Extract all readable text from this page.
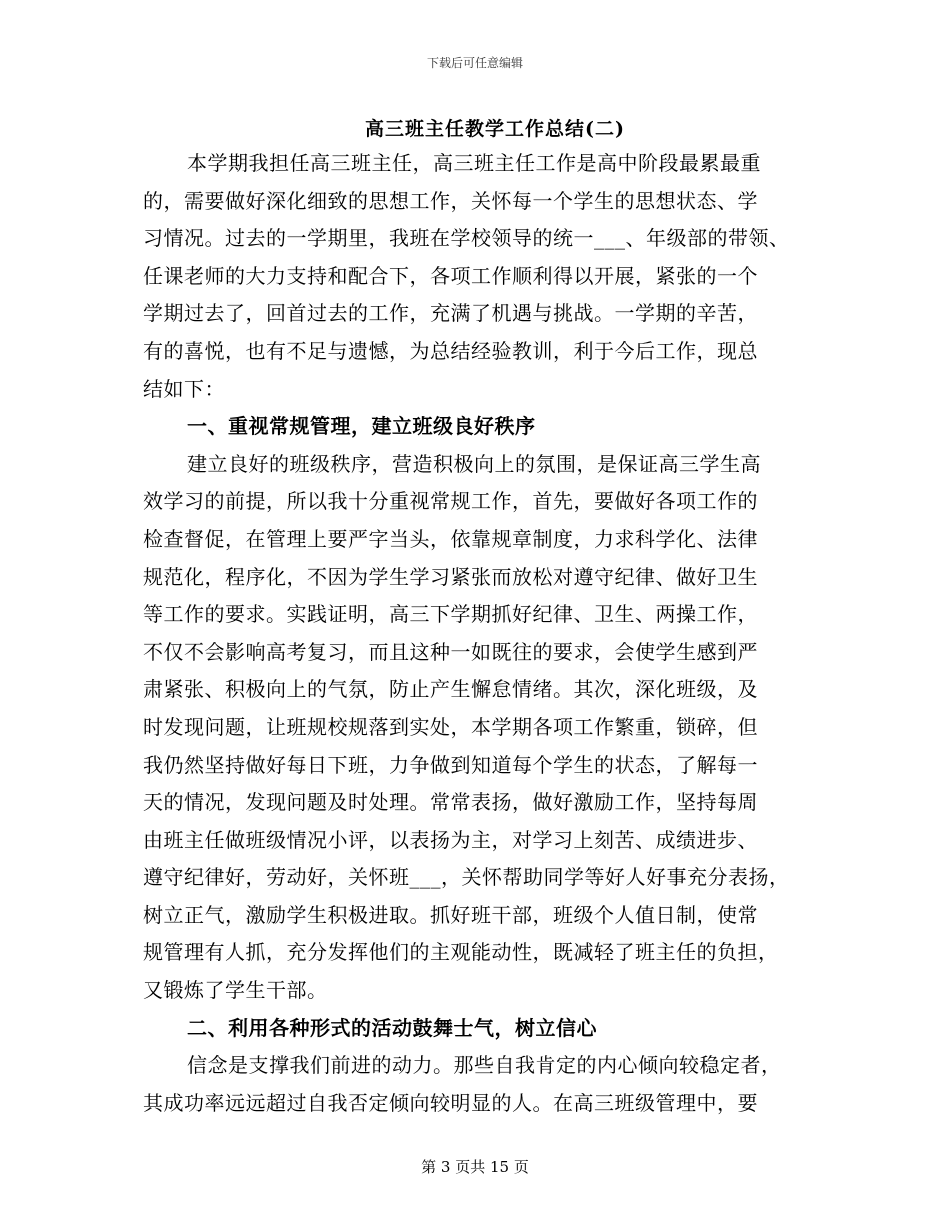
下载后可任意编辑
高三班主任教学工作总结(二)
本学期我担任高三班主任，高三班主任工作是高中阶段最累最重
的，需要做好深化细致的思想工作，关怀每一个学生的思想状态、学
习情况。过去的一学期里，我班在学校领导的统一___、年级部的带领、
任课老师的大力支持和配合下，各项工作顺利得以开展，紧张的一个
学期过去了，回首过去的工作，充满了机遇与挑战。一学期的辛苦，
有的喜悦，也有不足与遗憾，为总结经验教训，利于今后工作，现总
结如下：
一、重视常规管理，建立班级良好秩序
建立良好的班级秩序，营造积极向上的氛围，是保证高三学生高
效学习的前提，所以我十分重视常规工作，首先，要做好各项工作的
检查督促，在管理上要严字当头，依靠规章制度，力求科学化、法律
规范化，程序化，不因为学生学习紧张而放松对遵守纪律、做好卫生
等工作的要求。实践证明，高三下学期抓好纪律、卫生、两操工作，
不仅不会影响高考复习，而且这种一如既往的要求，会使学生感到严
肃紧张、积极向上的气氛，防止产生懈怠情绪。其次，深化班级，及
时发现问题，让班规校规落到实处，本学期各项工作繁重，锁碎，但
我仍然坚持做好每日下班，力争做到知道每个学生的状态，了解每一
天的情况，发现问题及时处理。常常表扬，做好激励工作，坚持每周
由班主任做班级情况小评，以表扬为主，对学习上刻苦、成绩进步、
遵守纪律好，劳动好，关怀班___，关怀帮助同学等好人好事充分表扬，
树立正气，激励学生积极进取。抓好班干部，班级个人值日制，使常
规管理有人抓，充分发挥他们的主观能动性，既减轻了班主任的负担，
又锻炼了学生干部。
二、利用各种形式的活动鼓舞士气，树立信心
信念是支撑我们前进的动力。那些自我肯定的内心倾向较稳定者，
其成功率远远超过自我否定倾向较明显的人。在高三班级管理中，要
第 3 页共 15 页
